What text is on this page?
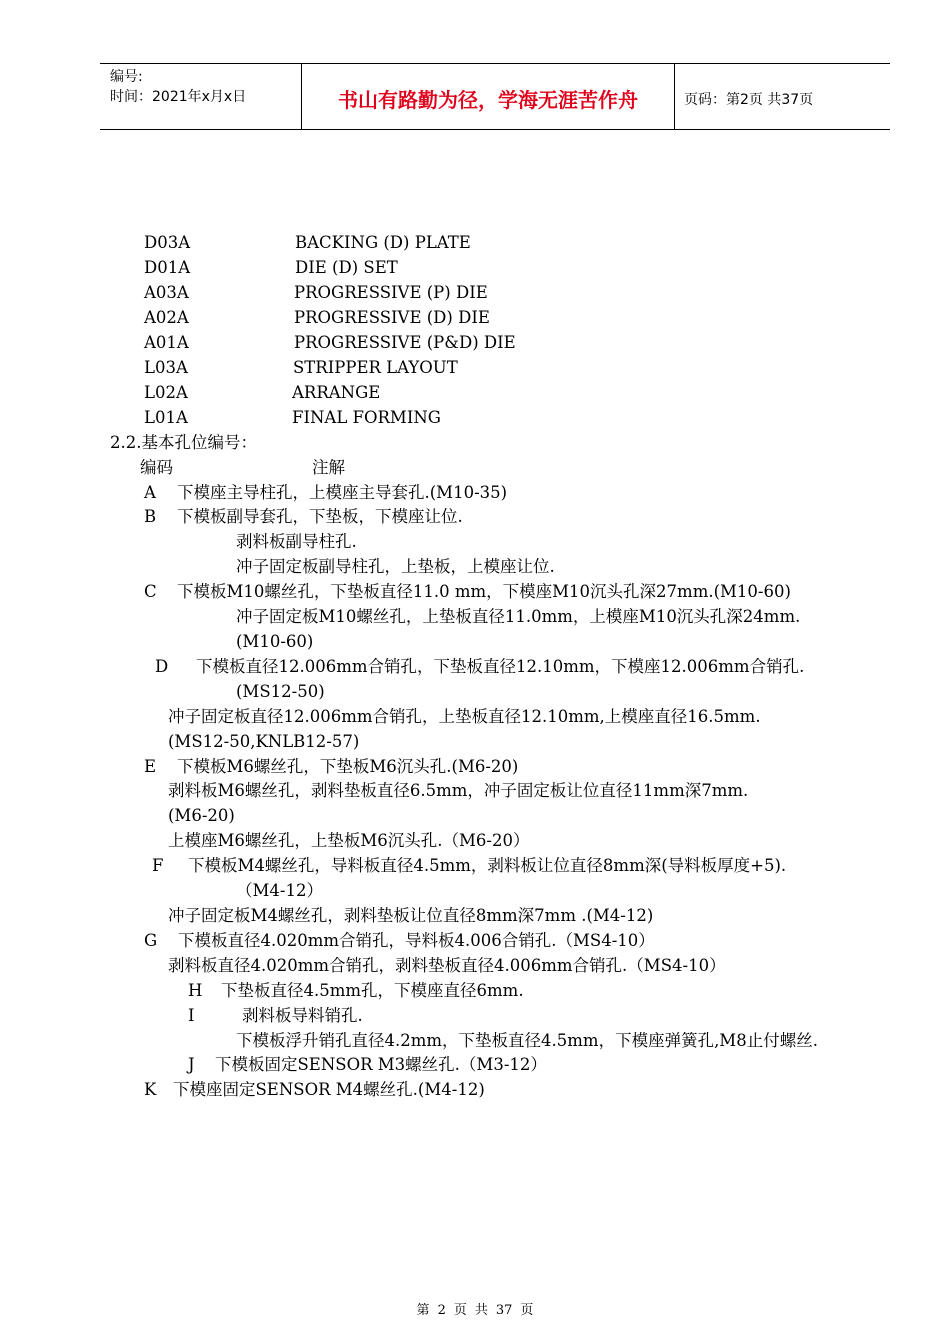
编号:
时间：2021年x月x日	书山有路勤为径，学海无涯苦作舟	页码：第2页 共37页
D03A	BACKING (D) PLATE
D01A	DIE (D) SET
A03A	PROGRESSIVE (P) DIE
A02A	PROGRESSIVE (D) DIE
A01A	PROGRESSIVE (P&D) DIE
L03A	STRIPPER LAYOUT
L02A	ARRANGE
L01A	FINAL FORMING
2.2.基本孔位编号：
编码	注解
A 下模座主导柱孔，上模座主导套孔.(M10-35)
B 下模板副导套孔，下垫板，下模座让位.
剥料板副导柱孔.
冲子固定板副导柱孔，上垫板，上模座让位.
C 下模板M10螺丝孔，下垫板直径11.0 mm，下模座M10沉头孔深27mm.(M10-60)
冲子固定板M10螺丝孔，上垫板直径11.0mm，上模座M10沉头孔深24mm.
(M10-60)
D 下模板直径12.006mm合销孔，下垫板直径12.10mm，下模座12.006mm合销孔.
(MS12-50)
冲子固定板直径12.006mm合销孔，上垫板直径12.10mm,上模座直径16.5mm.
(MS12-50,KNLB12-57)
E 下模板M6螺丝孔，下垫板M6沉头孔.(M6-20)
剥料板M6螺丝孔，剥料垫板直径6.5mm，冲子固定板让位直径11mm深7mm.
(M6-20)
上模座M6螺丝孔，上垫板M6沉头孔.（M6-20）
F 下模板M4螺丝孔，导料板直径4.5mm，剥料板让位直径8mm深(导料板厚度+5).
（M4-12）
冲子固定板M4螺丝孔，剥料垫板让位直径8mm深7mm .(M4-12)
G 下模板直径4.020mm合销孔，导料板4.006合销孔.（MS4-10）
剥料板直径4.020mm合销孔，剥料垫板直径4.006mm合销孔.（MS4-10）
H 下垫板直径4.5mm孔，下模座直径6mm.
I	剥料板导料销孔.
下模板浮升销孔直径4.2mm，下垫板直径4.5mm，下模座弹簧孔,M8止付螺丝.
J 下模板固定SENSOR M3螺丝孔.（M3-12）
K 下模座固定SENSOR M4螺丝孔.(M4-12)
第 2 页 共 37 页
